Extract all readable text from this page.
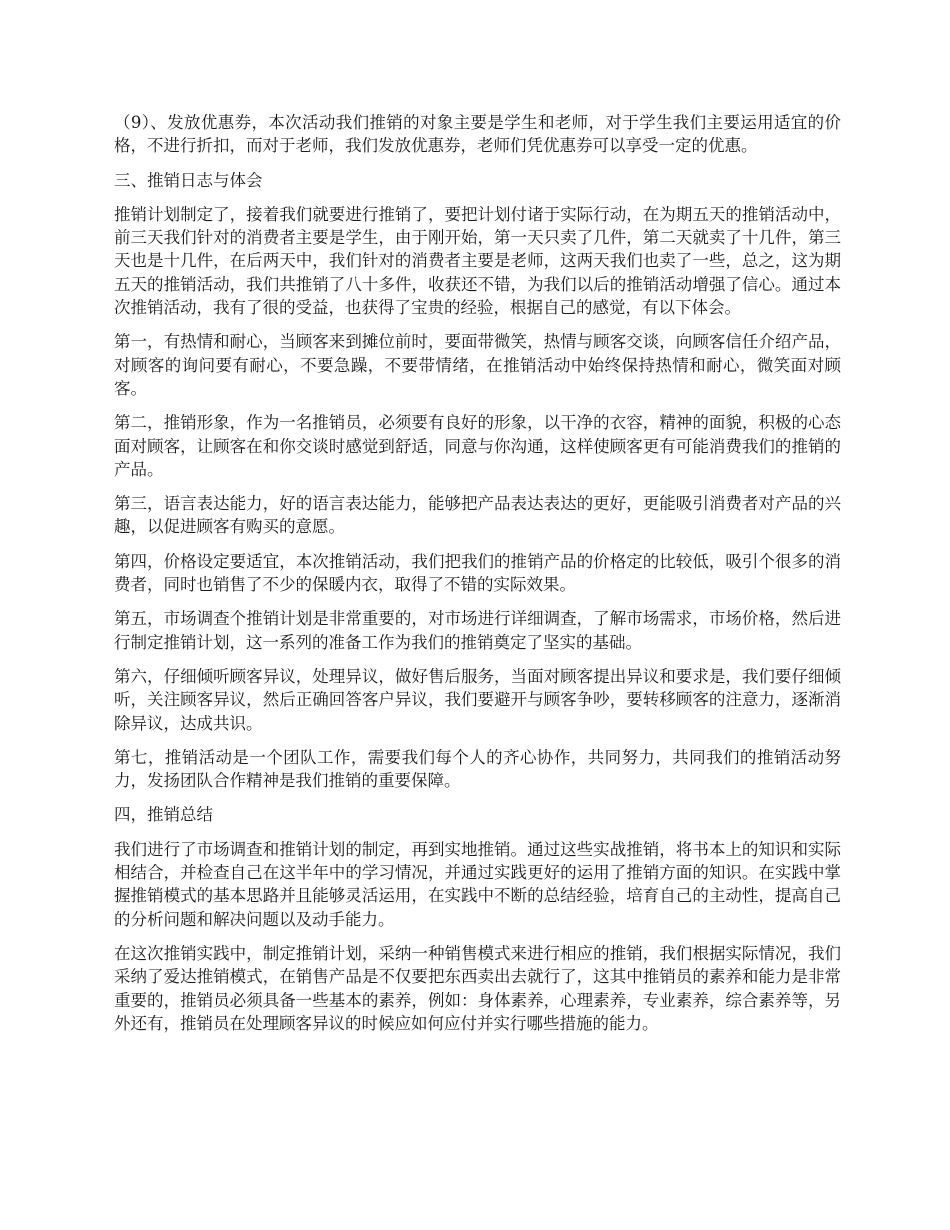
（9）、发放优惠券，本次活动我们推销的对象主要是学生和老师，对于学生我们主要运用适宜的价格，不进行折扣，而对于老师，我们发放优惠券，老师们凭优惠券可以享受一定的优惠。

三、推销日志与体会

推销计划制定了，接着我们就要进行推销了，要把计划付诸于实际行动，在为期五天的推销活动中，前三天我们针对的消费者主要是学生，由于刚开始，第一天只卖了几件，第二天就卖了十几件，第三天也是十几件，在后两天中，我们针对的消费者主要是老师，这两天我们也卖了一些，总之，这为期五天的推销活动，我们共推销了八十多件，收获还不错，为我们以后的推销活动增强了信心。通过本次推销活动，我有了很的受益，也获得了宝贵的经验，根据自己的感觉，有以下体会。

第一，有热情和耐心，当顾客来到摊位前时，要面带微笑，热情与顾客交谈，向顾客信任介绍产品，对顾客的询问要有耐心，不要急躁，不要带情绪，在推销活动中始终保持热情和耐心，微笑面对顾客。

第二，推销形象，作为一名推销员，必须要有良好的形象，以干净的衣容，精神的面貌，积极的心态面对顾客，让顾客在和你交谈时感觉到舒适，同意与你沟通，这样使顾客更有可能消费我们的推销的产品。

第三，语言表达能力，好的语言表达能力，能够把产品表达表达的更好，更能吸引消费者对产品的兴趣，以促进顾客有购买的意愿。

第四，价格设定要适宜，本次推销活动，我们把我们的推销产品的价格定的比较低，吸引个很多的消费者，同时也销售了不少的保暖内衣，取得了不错的实际效果。

第五，市场调查个推销计划是非常重要的，对市场进行详细调查，了解市场需求，市场价格，然后进行制定推销计划，这一系列的准备工作为我们的推销奠定了坚实的基础。

第六，仔细倾听顾客异议，处理异议，做好售后服务，当面对顾客提出异议和要求是，我们要仔细倾听，关注顾客异议，然后正确回答客户异议，我们要避开与顾客争吵，要转移顾客的注意力，逐渐消除异议，达成共识。

第七，推销活动是一个团队工作，需要我们每个人的齐心协作，共同努力，共同我们的推销活动努力，发扬团队合作精神是我们推销的重要保障。

四，推销总结

我们进行了市场调查和推销计划的制定，再到实地推销。通过这些实战推销，将书本上的知识和实际相结合，并检查自己在这半年中的学习情况，并通过实践更好的运用了推销方面的知识。在实践中掌握推销模式的基本思路并且能够灵活运用，在实践中不断的总结经验，培育自己的主动性，提高自己的分析问题和解决问题以及动手能力。

在这次推销实践中，制定推销计划，采纳一种销售模式来进行相应的推销，我们根据实际情况，我们采纳了爱达推销模式，在销售产品是不仅要把东西卖出去就行了，这其中推销员的素养和能力是非常重要的，推销员必须具备一些基本的素养，例如：身体素养，心理素养，专业素养，综合素养等，另外还有，推销员在处理顾客异议的时候应如何应付并实行哪些措施的能力。
